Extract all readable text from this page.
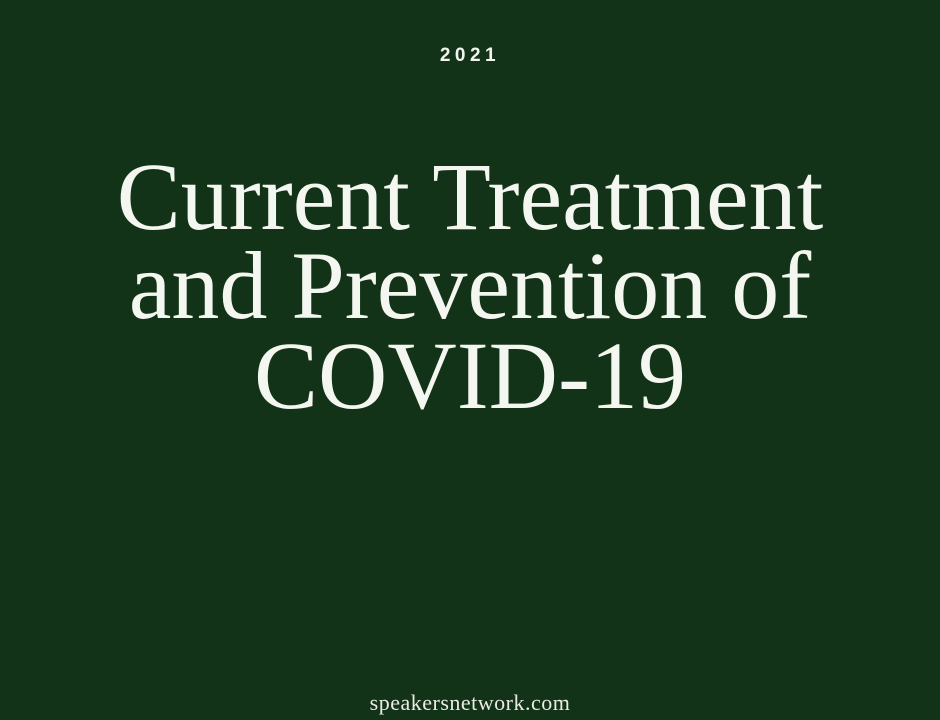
2021
Current Treatment and Prevention of COVID-19
speakersnetwork.com
